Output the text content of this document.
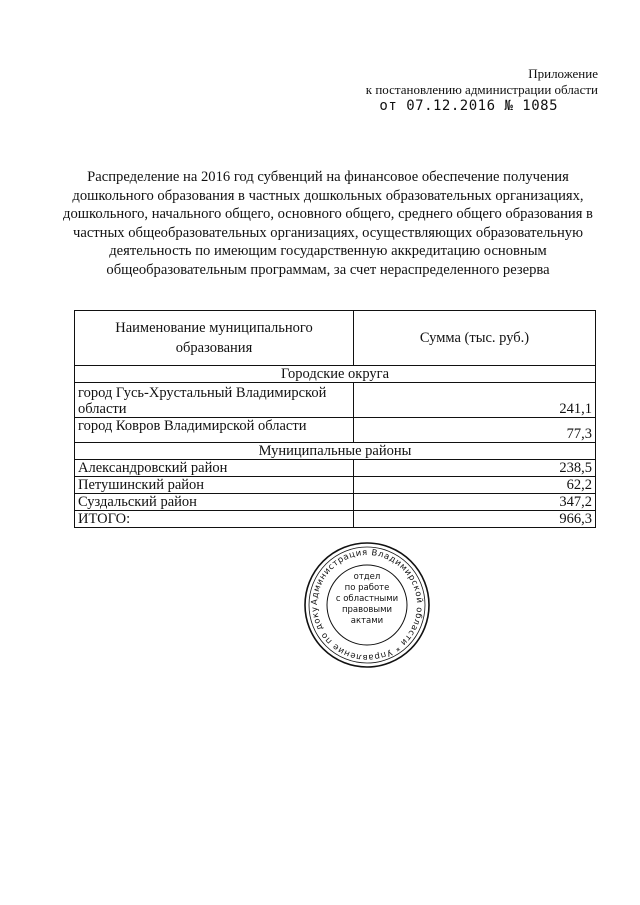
Приложение
к постановлению администрации области
от 07.12.2016 № 1085
Распределение на 2016 год субвенций на финансовое обеспечение получения дошкольного образования в частных дошкольных образовательных организациях, дошкольного, начального общего, основного общего, среднего общего образования в частных общеобразовательных организациях, осуществляющих образовательную деятельность по имеющим государственную аккредитацию основным общеобразовательным программам, за счет нераспределенного резерва
Наименование муниципального образования	Сумма (тыс. руб.)
Городские округа	
город Гусь-Хрустальный Владимирской области	241,1
город Ковров Владимирской области	77,3
Муниципальные районы	
Александровский район	238,5
Петушинский район	62,2
Суздальский район	347,2
ИТОГО:	966,3
Администрация Владимирской области * Управление по доку
отдел
по работе
с областными
правовыми
актами
